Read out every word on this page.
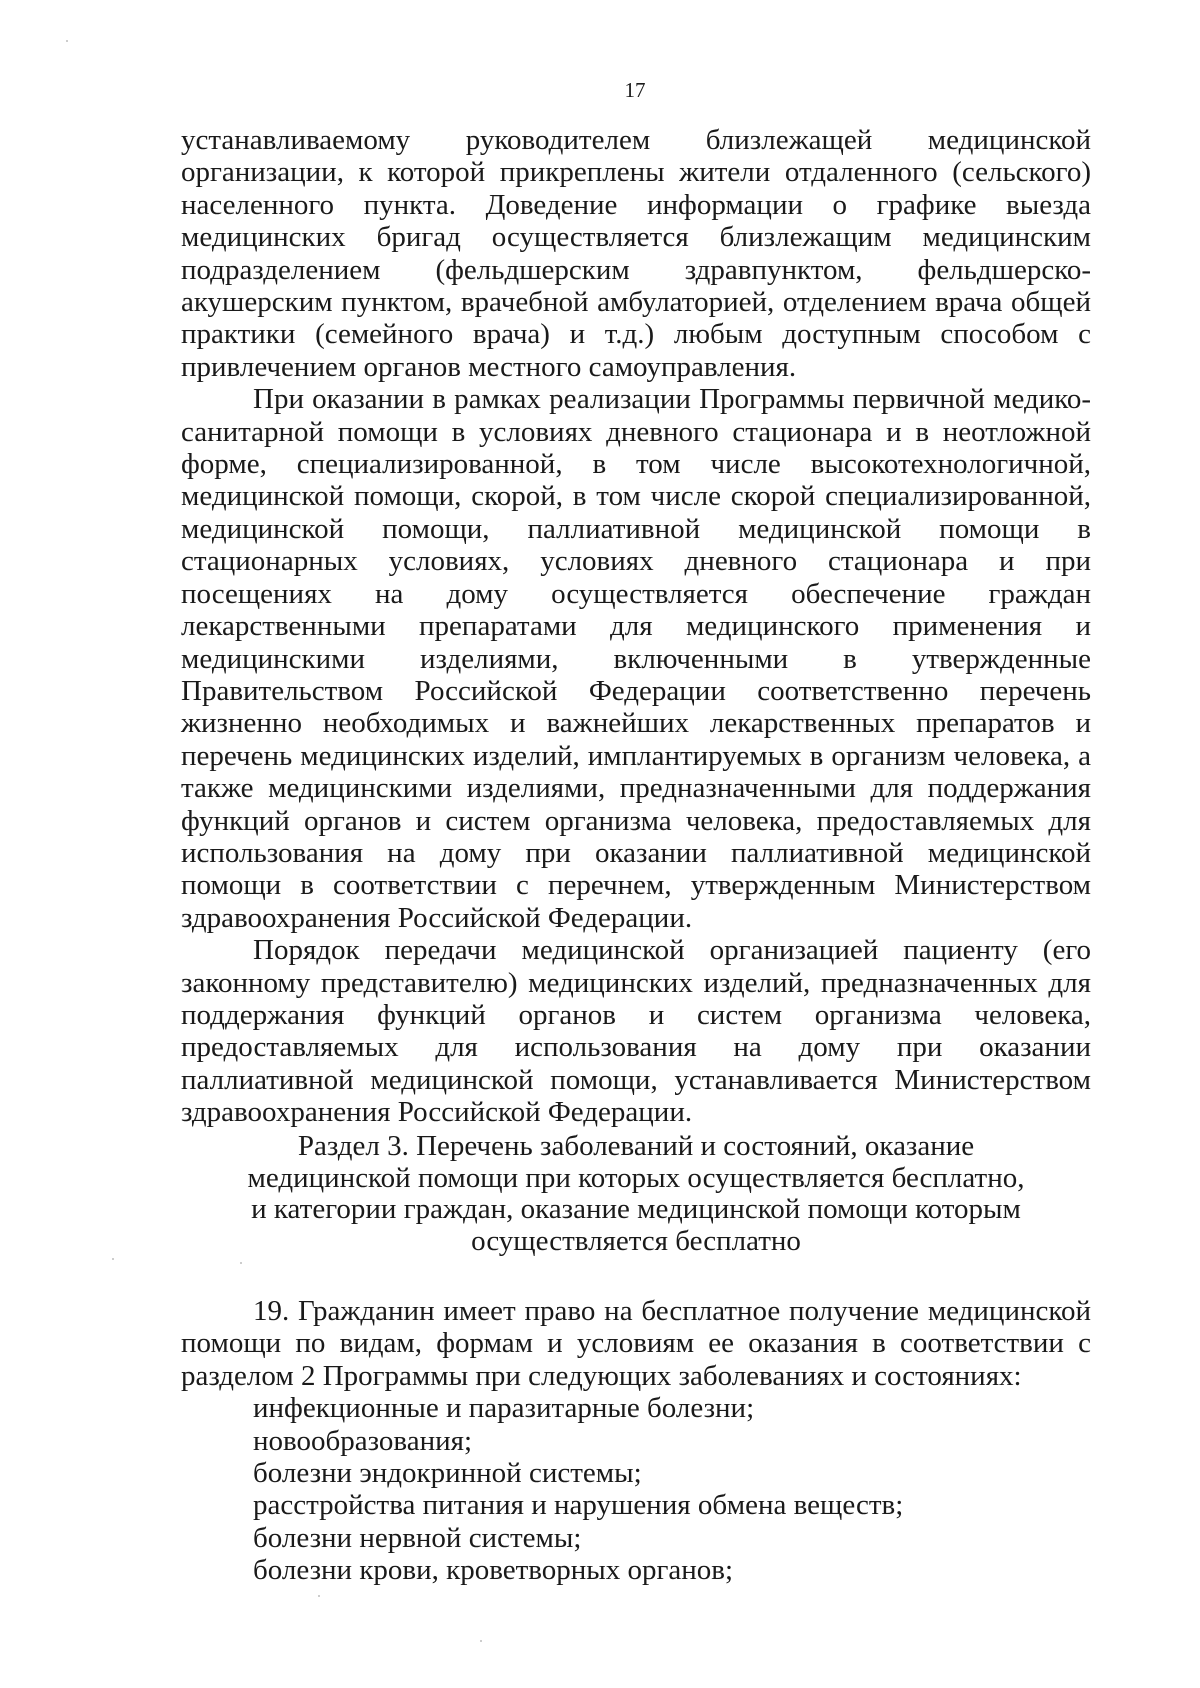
17

устанавливаемому руководителем близлежащей медицинской организации, к которой прикреплены жители отдаленного (сельского) населенного пункта. Доведение информации о графике выезда медицинских бригад осуществляется близлежащим медицинским подразделением (фельдшерским здравпунктом, фельдшерско-акушерским пунктом, врачебной амбулаторией, отделением врача общей практики (семейного врача) и т.д.) любым доступным способом с привлечением органов местного самоуправления.

При оказании в рамках реализации Программы первичной медико-санитарной помощи в условиях дневного стационара и в неотложной форме, специализированной, в том числе высокотехнологичной, медицинской помощи, скорой, в том числе скорой специализированной, медицинской помощи, паллиативной медицинской помощи в стационарных условиях, условиях дневного стационара и при посещениях на дому осуществляется обеспечение граждан лекарственными препаратами для медицинского применения и медицинскими изделиями, включенными в утвержденные Правительством Российской Федерации соответственно перечень жизненно необходимых и важнейших лекарственных препаратов и перечень медицинских изделий, имплантируемых в организм человека, а также медицинскими изделиями, предназначенными для поддержания функций органов и систем организма человека, предоставляемых для использования на дому при оказании паллиативной медицинской помощи в соответствии с перечнем, утвержденным Министерством здравоохранения Российской Федерации.

Порядок передачи медицинской организацией пациенту (его законному представителю) медицинских изделий, предназначенных для поддержания функций органов и систем организма человека, предоставляемых для использования на дому при оказании паллиативной медицинской помощи, устанавливается Министерством здравоохранения Российской Федерации.

Раздел 3. Перечень заболеваний и состояний, оказание
медицинской помощи при которых осуществляется бесплатно,
и категории граждан, оказание медицинской помощи которым
осуществляется бесплатно

19. Гражданин имеет право на бесплатное получение медицинской помощи по видам, формам и условиям ее оказания в соответствии с разделом 2 Программы при следующих заболеваниях и состояниях:

инфекционные и паразитарные болезни;

новообразования;

болезни эндокринной системы;

расстройства питания и нарушения обмена веществ;

болезни нервной системы;

болезни крови, кроветворных органов;
